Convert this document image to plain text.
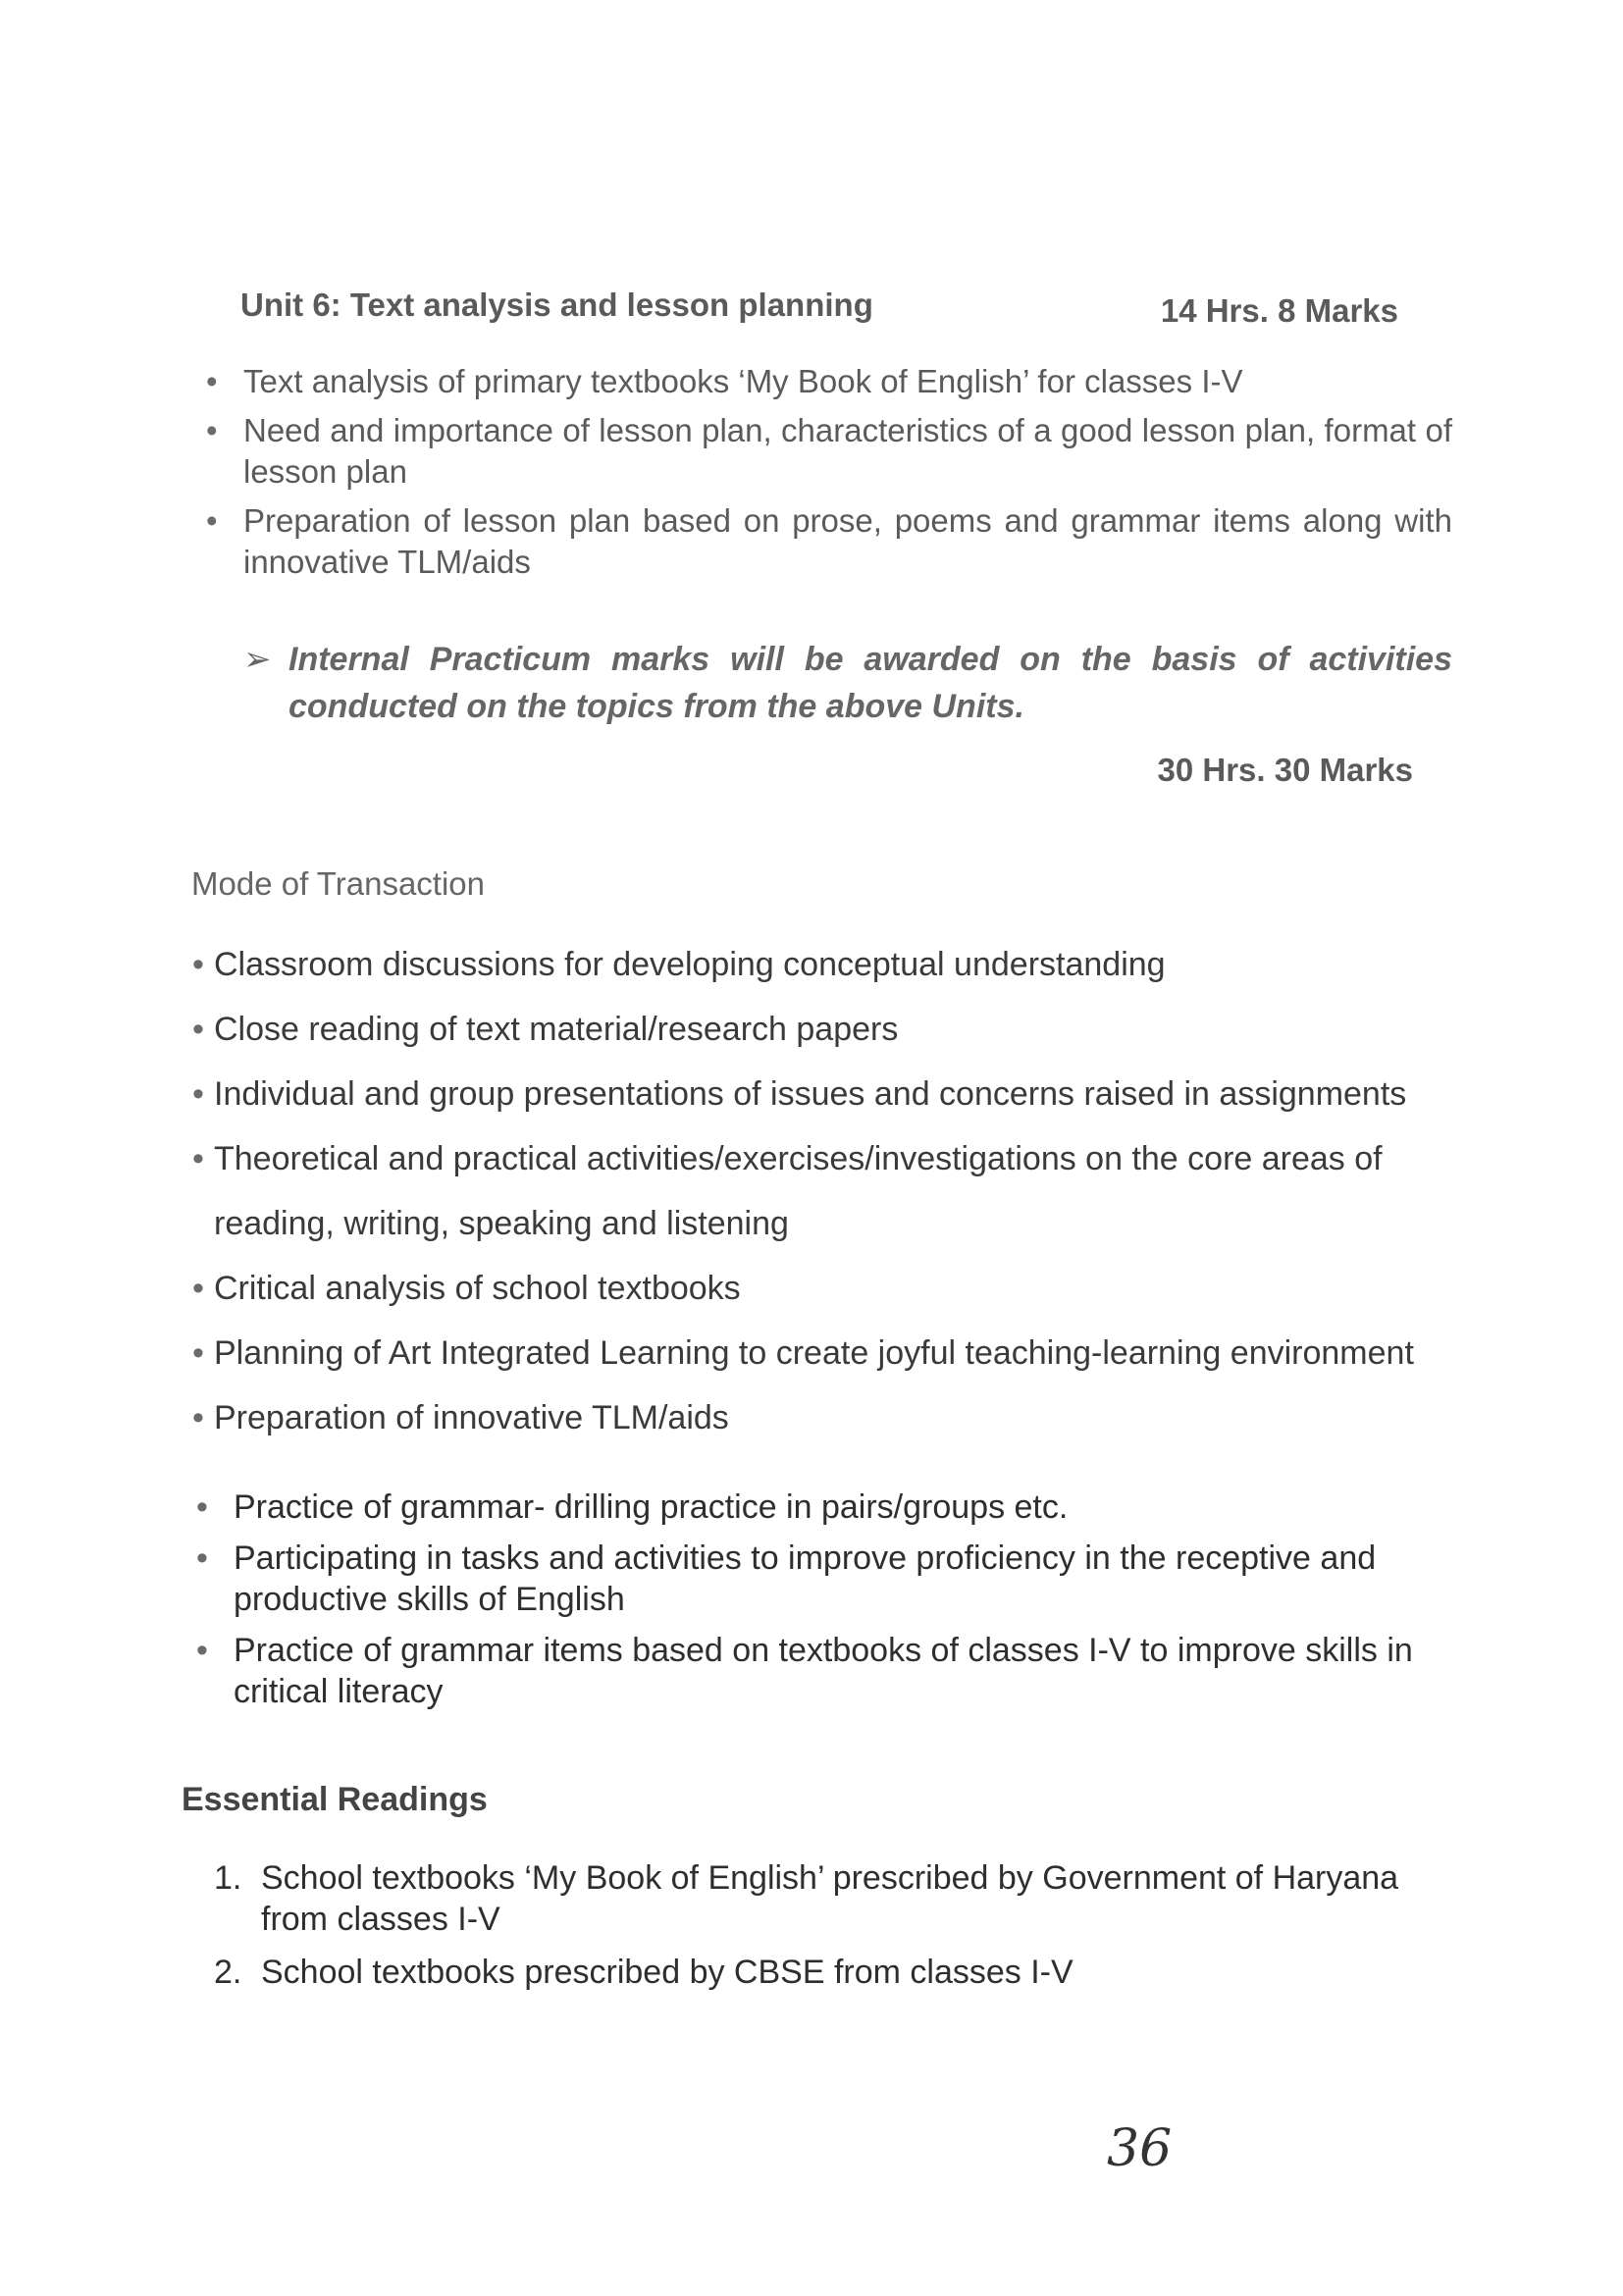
Unit 6: Text analysis and lesson planning	14 Hrs. 8 Marks
• Text analysis of primary textbooks ‘My Book of English’ for classes I-V
• Need and importance of lesson plan, characteristics of a good lesson plan, format of lesson plan
• Preparation of lesson plan based on prose, poems and grammar items along with innovative TLM/aids
➢ Internal Practicum marks will be awarded on the basis of activities conducted on the topics from the above Units.
30 Hrs. 30 Marks
Mode of Transaction
• Classroom discussions for developing conceptual understanding
• Close reading of text material/research papers
• Individual and group presentations of issues and concerns raised in assignments
• Theoretical and practical activities/exercises/investigations on the core areas of
reading, writing, speaking and listening
• Critical analysis of school textbooks
• Planning of Art Integrated Learning to create joyful teaching-learning environment
• Preparation of innovative TLM/aids
• Practice of grammar- drilling practice in pairs/groups etc.
• Participating in tasks and activities to improve proficiency in the receptive and productive skills of English
• Practice of grammar items based on textbooks of classes I-V to improve skills in critical literacy
Essential Readings
1. School textbooks ‘My Book of English’ prescribed by Government of Haryana from classes I-V
2. School textbooks prescribed by CBSE from classes I-V
36
